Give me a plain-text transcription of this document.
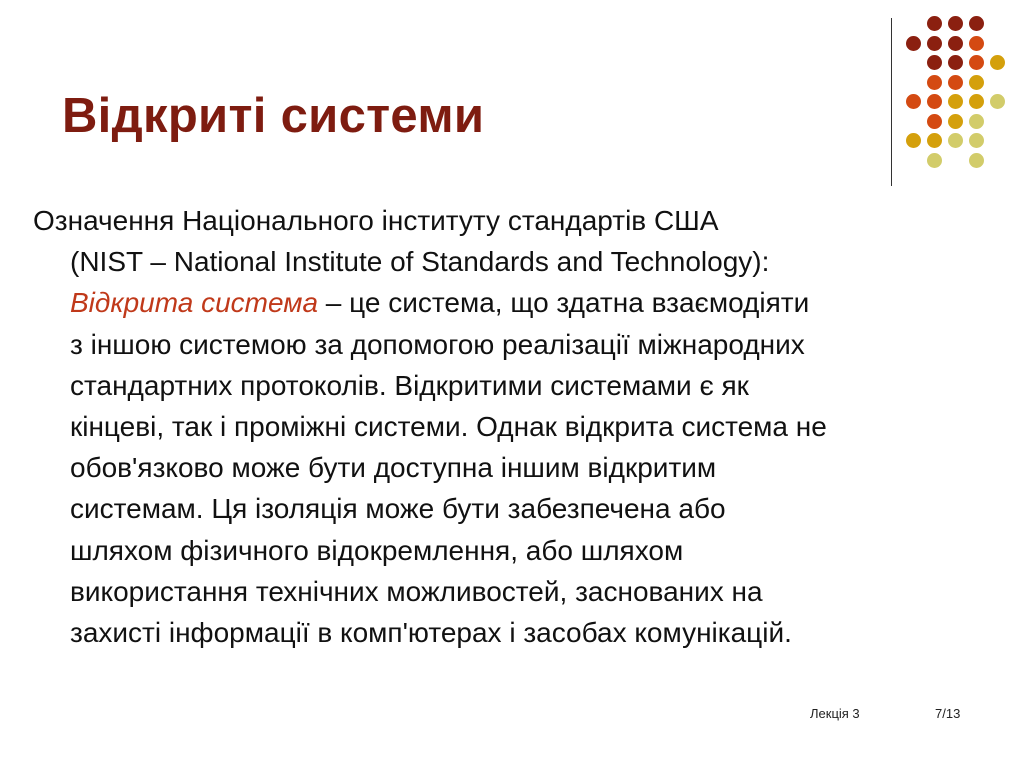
Відкриті системи
Означення Національного інституту стандартів США
(NIST – National Institute of Standards and Technology):
Відкрита система – це система, що здатна взаємодіяти
з іншою системою за допомогою реалізації міжнародних
стандартних протоколів. Відкритими системами є як
кінцеві, так і проміжні системи. Однак відкрита система не
обов'язково може бути доступна іншим відкритим
системам. Ця ізоляція може бути забезпечена або
шляхом фізичного відокремлення, або шляхом
використання технічних можливостей, заснованих на
захисті інформації в комп'ютерах і засобах комунікацій.
Лекція 3	7/13
